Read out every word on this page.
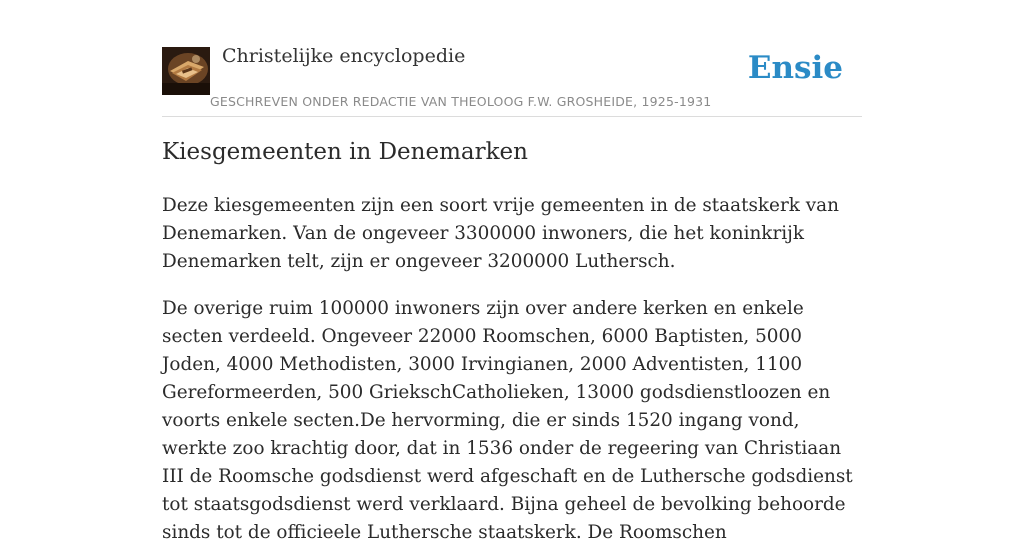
Christelijke encyclopedie
GESCHREVEN ONDER REDACTIE VAN THEOLOOG F.W. GROSHEIDE, 1925-1931
Ensie
Kiesgemeenten in Denemarken

Deze kiesgemeenten zijn een soort vrije gemeenten in de staatskerk van Denemarken. Van de ongeveer 3300000 inwoners, die het koninkrijk Denemarken telt, zijn er ongeveer 3200000 Luthersch.

De overige ruim 100000 inwoners zijn over andere kerken en enkele secten verdeeld. Ongeveer 22000 Roomschen, 6000 Baptisten, 5000 Joden, 4000 Methodisten, 3000 Irvingianen, 2000 Adventisten, 1100 Gereformeerden, 500 GriekschCatholieken, 13000 godsdienstloozen en voorts enkele secten.De hervorming, die er sinds 1520 ingang vond, werkte zoo krachtig door, dat in 1536 onder de regeering van Christiaan III de Roomsche godsdienst werd afgeschaft en de Luthersche godsdienst tot staatsgodsdienst werd verklaard. Bijna geheel de bevolking behoorde sinds tot de officieele Luthersche staatskerk. De Roomschen
